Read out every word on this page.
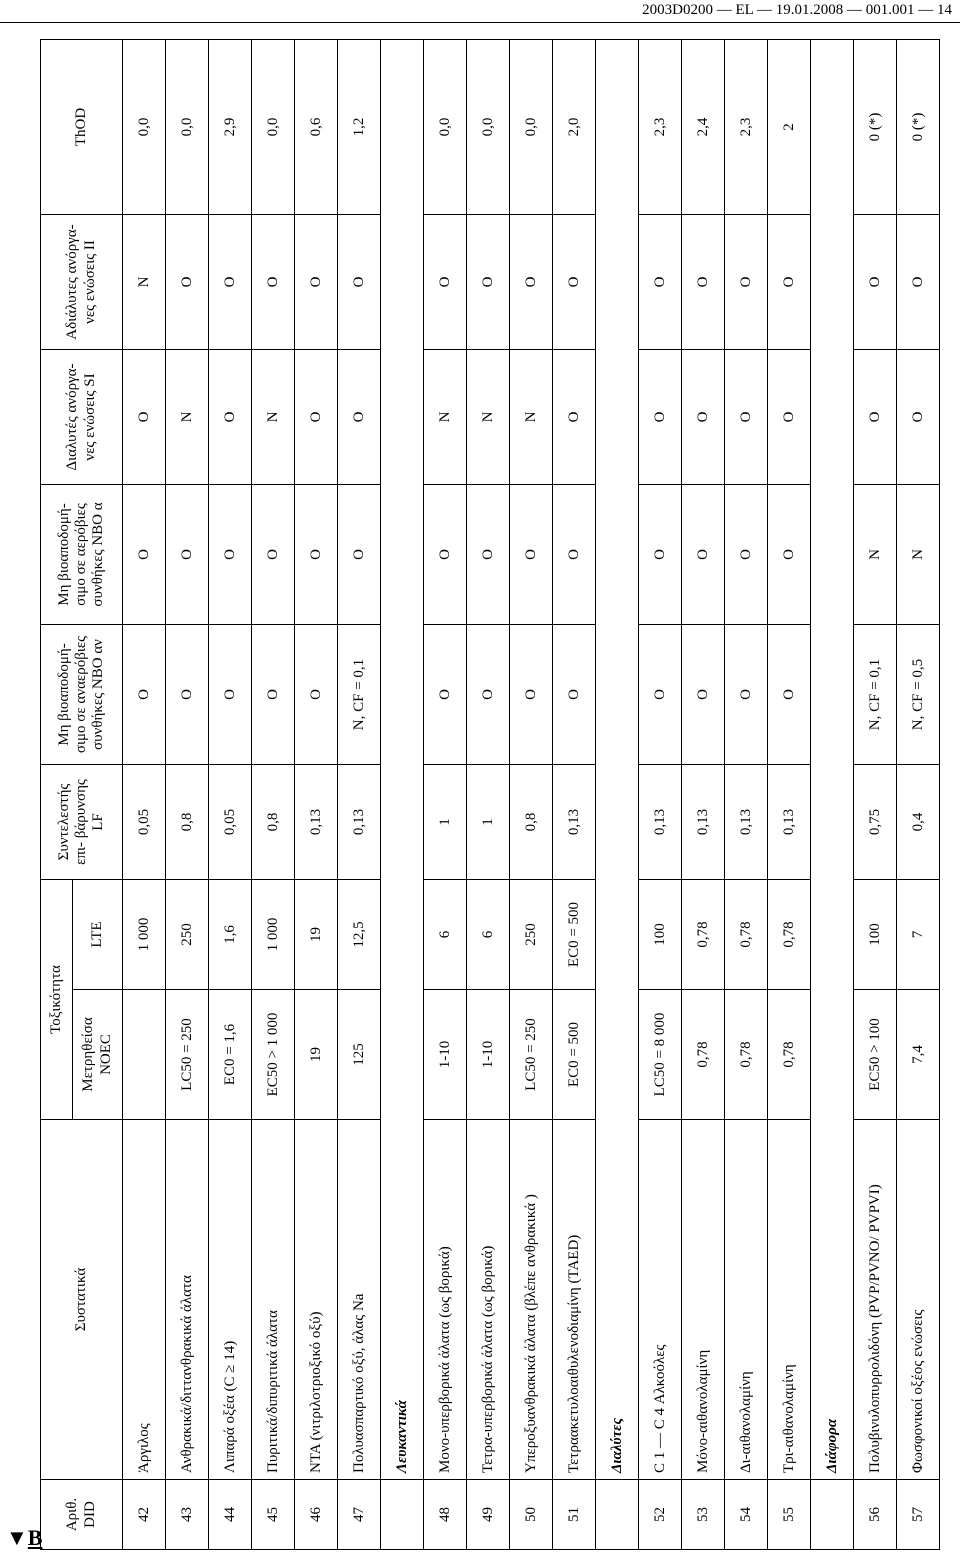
2003D0200 — EL — 19.01.2008 — 001.001 — 14
Αριθ. DID	Συστατικά	Τοξικότητα		Συντελεστής επι- βάρυνσης LF	Μη βιοαποδομή- σιμο σε αναερόβιες συνθήκες ΝΒΟ αν	Μη βιοαποδομή- σιμο σε αερόβιες συνθήκες ΝΒΟ α	Διαλυτές ανόργα- νες ενώσεις SI	Αδιάλυτες ανόργα- νες ενώσεις ΙΙ	ThOD
		Μετρηθείσα NOEC	LTE						
42	Άργιλος		1 000	0,05	O	O	O	N	0,0
43	Ανθρακικά/διττανθρακικά άλατα	LC50 = 250	250	0,8	O	O	N	O	0,0
44	Λιπαρά οξέα (C ≥ 14)	EC0 = 1,6	1,6	0,05	O	O	O	O	2,9
45	Πυριτικά/διπυριτικά άλατα	EC50 > 1 000	1 000	0,8	O	O	N	O	0,0
46	NTA (νιτριλοτριοξικό οξύ)	19	19	0,13	O	O	O	O	0,6
47	Πολυασπαρτικό οξύ, άλας Na	125	12,5	0,13	N, CF = 0,1	O	O	O	1,2
	Λευκαντικά								
48	Μονο-υπερβορικά άλατα (ως βορικά)	1-10	6	1	O	O	N	O	0,0
49	Τετρα-υπερβορικά άλατα (ως βορικά)	1-10	6	1	O	O	N	O	0,0
50	Υπεροξυανθρακικά άλατα (βλέπε ανθρακικά )	LC50 = 250	250	0,8	O	O	N	O	0,0
51	Τετραακετυλοαιθυλενοδιαμίνη (TAED)	EC0 = 500	EC0 = 500	0,13	O	O	O	O	2,0
	Διαλύτες								
52	C 1 — C 4 Αλκοόλες	LC50 = 8 000	100	0,13	O	O	O	O	2,3
53	Μόνο-αιθανολαμίνη	0,78	0,78	0,13	O	O	O	O	2,4
54	Δι-αιθανολαμίνη	0,78	0,78	0,13	O	O	O	O	2,3
55	Τρι-αιθανολαμίνη	0,78	0,78	0,13	O	O	O	O	2
	Διάφορα								
56	Πολυβινυλοπυρρολιδόνη (PVP/PVNO/ PVPVI)	EC50 > 100	100	0,75	N, CF = 0,1	N	O	O	0 (*)
57	Φωσφονικοί οξέος ενώσεις	7,4	7	0,4	N, CF = 0,5	N	O	O	0 (*)
▼B
